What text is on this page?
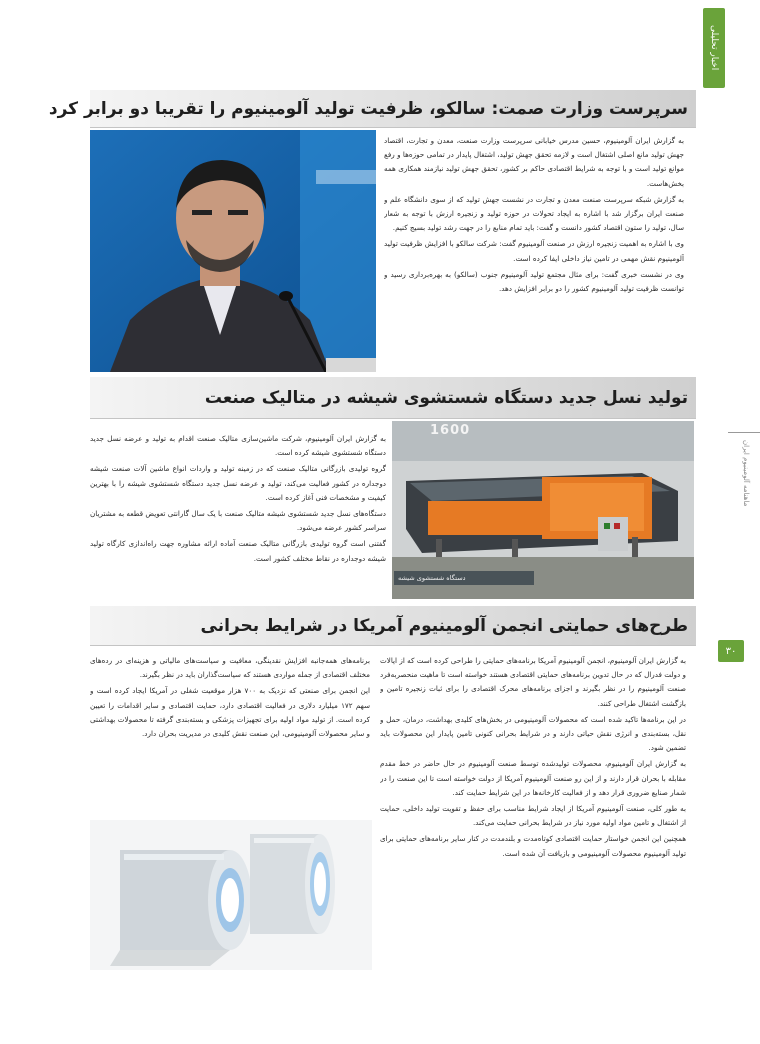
اخبار تحلیلی
ماهنامه آلومینیوم ایران
۳۰
سرپرست وزارت صمت: سالکو، ظرفیت تولید آلومینیوم را تقریبا دو برابر کرد

به گزارش ایران آلومینیوم، حسین مدرس خیابانی سرپرست وزارت صنعت، معدن و تجارت، اقتصاد جهش تولید مانع اصلی اشتغال است و لازمه تحقق جهش تولید، اشتغال پایدار در تمامی حوزه‌ها و رفع موانع تولید است و با توجه به شرایط اقتصادی حاکم بر کشور، تحقق جهش تولید نیازمند همکاری همه بخش‌هاست.

به گزارش شبکه سرپرست صنعت معدن و تجارت در نشست جهش تولید که از سوی دانشگاه علم و صنعت ایران برگزار شد با اشاره به ایجاد تحولات در حوزه تولید و زنجیره ارزش با توجه به شعار سال، تولید را ستون اقتصاد کشور دانست و گفت: باید تمام منابع را در جهت رشد تولید بسیج کنیم.

وی با اشاره به اهمیت زنجیره ارزش در صنعت آلومینیوم گفت: شرکت سالکو با افزایش ظرفیت تولید آلومینیوم نقش مهمی در تامین نیاز داخلی ایفا کرده است.

وی در نشست خبری گفت: برای مثال مجتمع تولید آلومینیوم جنوب (سالکو) به بهره‌برداری رسید و توانست ظرفیت تولید آلومینیوم کشور را دو برابر افزایش دهد.

تولید نسل جدید دستگاه شستشوی شیشه در متالیک صنعت
1600
دستگاه شستشوی شیشه

به گزارش ایران آلومینیوم، شرکت ماشین‌سازی متالیک صنعت اقدام به تولید و عرضه نسل جدید دستگاه شستشوی شیشه کرده است.

گروه تولیدی بازرگانی متالیک صنعت که در زمینه تولید و واردات انواع ماشین آلات صنعت شیشه دوجداره در کشور فعالیت می‌کند، تولید و عرضه نسل جدید دستگاه شستشوی شیشه را با بهترین کیفیت و مشخصات فنی آغاز کرده است.

دستگاه‌های نسل جدید شستشوی شیشه متالیک صنعت با یک سال گارانتی تعویض قطعه به مشتریان سراسر کشور عرضه می‌شود.

گفتنی است گروه تولیدی بازرگانی متالیک صنعت آماده ارائه مشاوره جهت راه‌اندازی کارگاه تولید شیشه دوجداره در نقاط مختلف کشور است.

طرح‌های حمایتی انجمن آلومینیوم آمریکا در شرایط بحرانی

به گزارش ایران آلومینیوم، انجمن آلومینیوم آمریکا برنامه‌های حمایتی را طراحی کرده است که از ایالات و دولت فدرال که در حال تدوین برنامه‌های حمایتی اقتصادی هستند خواسته است تا ماهیت منحصربه‌فرد صنعت آلومینیوم را در نظر بگیرند و اجزای برنامه‌های محرک اقتصادی را برای ثبات زنجیره تامین و بازگشت اشتغال طراحی کنند.

در این برنامه‌ها تاکید شده است که محصولات آلومینیومی در بخش‌های کلیدی بهداشت، درمان، حمل و نقل، بسته‌بندی و انرژی نقش حیاتی دارند و در شرایط بحرانی کنونی تامین پایدار این محصولات باید تضمین شود.

به گزارش ایران آلومینیوم، محصولات تولیدشده توسط صنعت آلومینیوم در حال حاضر در خط مقدم مقابله با بحران قرار دارند و از این رو صنعت آلومینیوم آمریکا از دولت خواسته است تا این صنعت را در شمار صنایع ضروری قرار دهد و از فعالیت کارخانه‌ها در این شرایط حمایت کند.

به طور کلی، صنعت آلومینیوم آمریکا از ایجاد شرایط مناسب برای حفظ و تقویت تولید داخلی، حمایت از اشتغال و تامین مواد اولیه مورد نیاز در شرایط بحرانی حمایت می‌کند.

همچنین این انجمن خواستار حمایت اقتصادی کوتاه‌مدت و بلندمدت در کنار سایر برنامه‌های حمایتی برای تولید آلومینیوم محصولات آلومینیومی و بازیافت آن شده است.

برنامه‌های همه‌جانبه افزایش نقدینگی، معافیت و سیاست‌های مالیاتی و هزینه‌ای در رده‌های مختلف اقتصادی از جمله مواردی هستند که سیاست‌گذاران باید در نظر بگیرند.

این انجمن برای صنعتی که نزدیک به ۷۰۰ هزار موقعیت شغلی در آمریکا ایجاد کرده است و سهم ۱۷۲ میلیارد دلاری در فعالیت اقتصادی دارد، حمایت اقتصادی و سایر اقدامات را تعیین کرده است. از تولید مواد اولیه برای تجهیزات پزشکی و بسته‌بندی گرفته تا محصولات بهداشتی و سایر محصولات آلومینیومی، این صنعت نقش کلیدی در مدیریت بحران دارد.
